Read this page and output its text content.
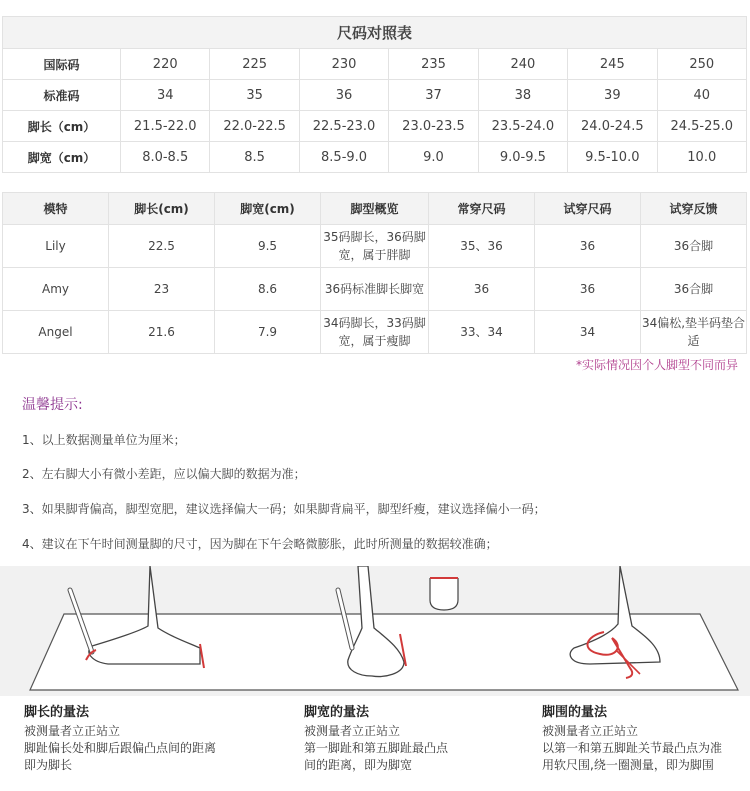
尺码对照表							
国际码	220	225	230	235	240	245	250
标准码	34	35	36	37	38	39	40
脚长（cm）	21.5-22.0	22.0-22.5	22.5-23.0	23.0-23.5	23.5-24.0	24.0-24.5	24.5-25.0
脚宽（cm）	8.0-8.5	8.5	8.5-9.0	9.0	9.0-9.5	9.5-10.0	10.0
模特	脚长(cm)	脚宽(cm)	脚型概览	常穿尺码	试穿尺码	试穿反馈
Lily	22.5	9.5	35码脚长，36码脚宽，属于胖脚	35、36	36	36合脚
Amy	23	8.6	36码标准脚长脚宽	36	36	36合脚
Angel	21.6	7.9	34码脚长，33码脚宽，属于瘦脚	33、34	34	34偏松,垫半码垫合适
*实际情况因个人脚型不同而异
温馨提示:
1、以上数据测量单位为厘米；
2、左右脚大小有微小差距，应以偏大脚的数据为准；
3、如果脚背偏高，脚型宽肥，建议选择偏大一码；如果脚背扁平，脚型纤瘦，建议选择偏小一码；
4、建议在下午时间测量脚的尺寸，因为脚在下午会略微膨胀，此时所测量的数据较准确；
脚长的量法
被测量者立正站立
脚趾偏长处和脚后跟偏凸点间的距离
即为脚长
脚宽的量法
被测量者立正站立
第一脚趾和第五脚趾最凸点
间的距离，即为脚宽
脚围的量法
被测量者立正站立
以第一和第五脚趾关节最凸点为准
用软尺围,绕一圈测量，即为脚围
